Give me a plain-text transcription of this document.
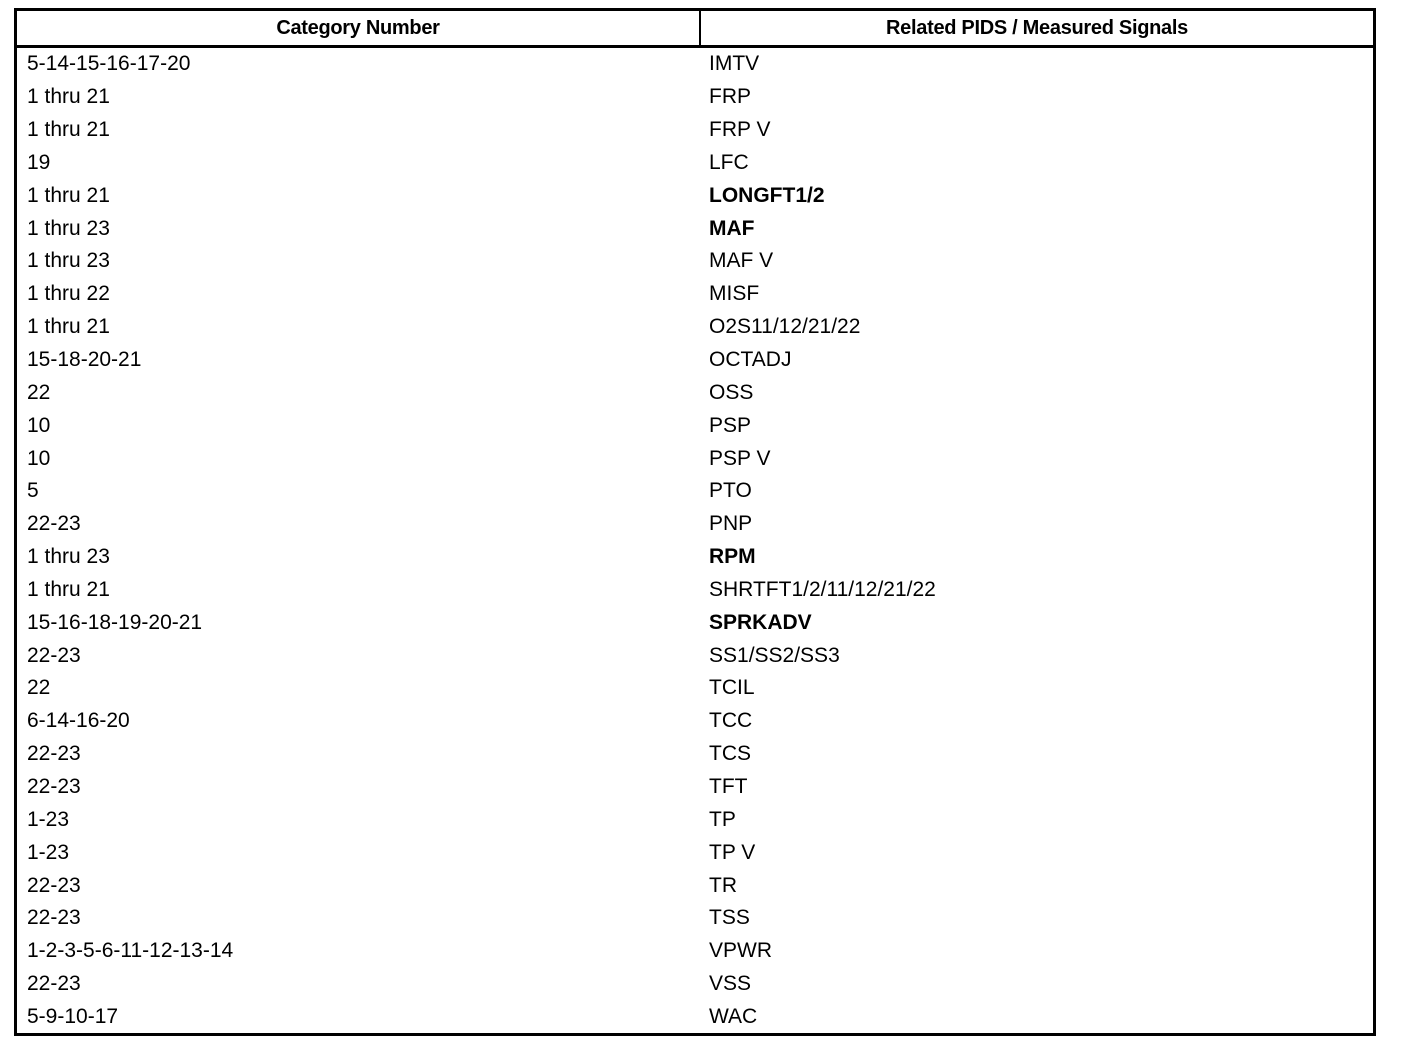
Category Number	Related PIDS / Measured Signals
5-14-15-16-17-20	IMTV
1 thru 21	FRP
1 thru 21	FRP V
19	LFC
1 thru 21	LONGFT1/2
1 thru 23	MAF
1 thru 23	MAF V
1 thru 22	MISF
1 thru 21	O2S11/12/21/22
15-18-20-21	OCTADJ
22	OSS
10	PSP
10	PSP V
5	PTO
22-23	PNP
1 thru 23	RPM
1 thru 21	SHRTFT1/2/11/12/21/22
15-16-18-19-20-21	SPRKADV
22-23	SS1/SS2/SS3
22	TCIL
6-14-16-20	TCC
22-23	TCS
22-23	TFT
1-23	TP
1-23	TP V
22-23	TR
22-23	TSS
1-2-3-5-6-11-12-13-14	VPWR
22-23	VSS
5-9-10-17	WAC
